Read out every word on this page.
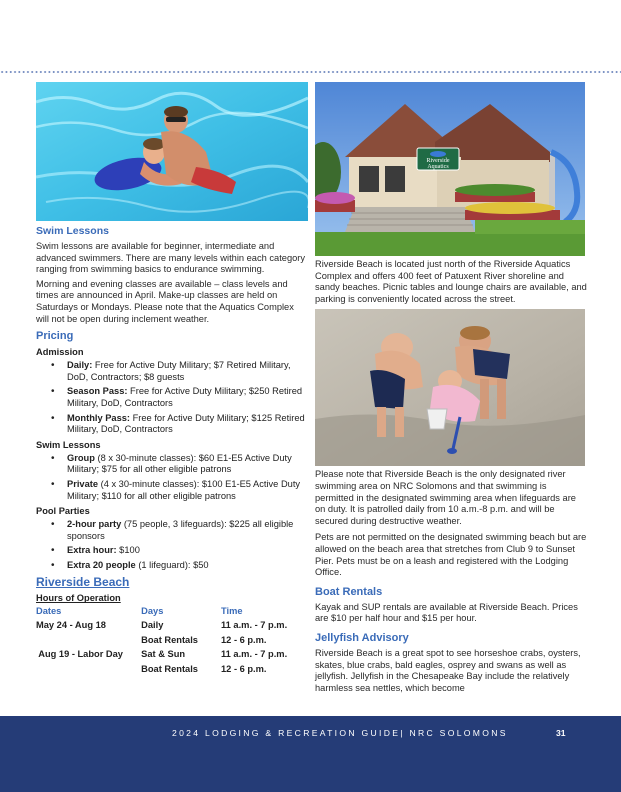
Swim Lessons

Swim lessons are available for beginner, intermediate and advanced swimmers. There are many levels within each category ranging from swimming basics to endurance swimming.

Morning and evening classes are available – class levels and times are announced in April. Make-up classes are held on Saturdays or Mondays. Please note that the Aquatics Complex will not be open during inclement weather.

Pricing
Admission
• Daily: Free for Active Duty Military; $7 Retired Military, DoD, Contractors; $8 guests
• Season Pass: Free for Active Duty Military; $250 Retired Military, DoD, Contractors
• Monthly Pass: Free for Active Duty Military; $125 Retired Military, DoD, Contractors
Swim Lessons
• Group (8 x 30-minute classes): $60 E1-E5 Active Duty Military; $75 for all other eligible patrons
• Private (4 x 30-minute classes): $100 E1-E5 Active Duty Military; $110 for all other eligible patrons
Pool Parties
• 2-hour party (75 people, 3 lifeguards): $225 all eligible sponsors
• Extra hour: $100
• Extra 20 people (1 lifeguard): $50
Riverside Beach
Hours of Operation
Dates	Days	Time
May 24 - Aug 18	Daily	11 a.m. - 7 p.m.
	Boat Rentals	12 - 6 p.m.
Aug 19 - Labor Day	Sat & Sun	11 a.m. - 7 p.m.
	Boat Rentals	12 - 6 p.m.
Riverside
Aquatics

Riverside Beach is located just north of the Riverside Aquatics Complex and offers 400 feet of Patuxent River shoreline and sandy beaches. Picnic tables and lounge chairs are available, and parking is conveniently located across the street.

Please note that Riverside Beach is the only designated river swimming area on NRC Solomons and that swimming is permitted in the designated swimming area when lifeguards are on duty. It is patrolled daily from 10 a.m.-8 p.m. and will be secured during destructive weather.

Pets are not permitted on the designated swimming beach but are allowed on the beach area that stretches from Club 9 to Sunset Pier. Pets must be on a leash and registered with the Lodging Office.

Boat Rentals

Kayak and SUP rentals are available at Riverside Beach. Prices are $10 per half hour and $15 per hour.

Jellyfish Advisory

Riverside Beach is a great spot to see horseshoe crabs, oysters, skates, blue crabs, bald eagles, osprey and swans as well as jellyfish. Jellyfish in the Chesapeake Bay include the relatively harmless sea nettles, which become

2024 LODGING & RECREATION GUIDE| NRC SOLOMONS	31
